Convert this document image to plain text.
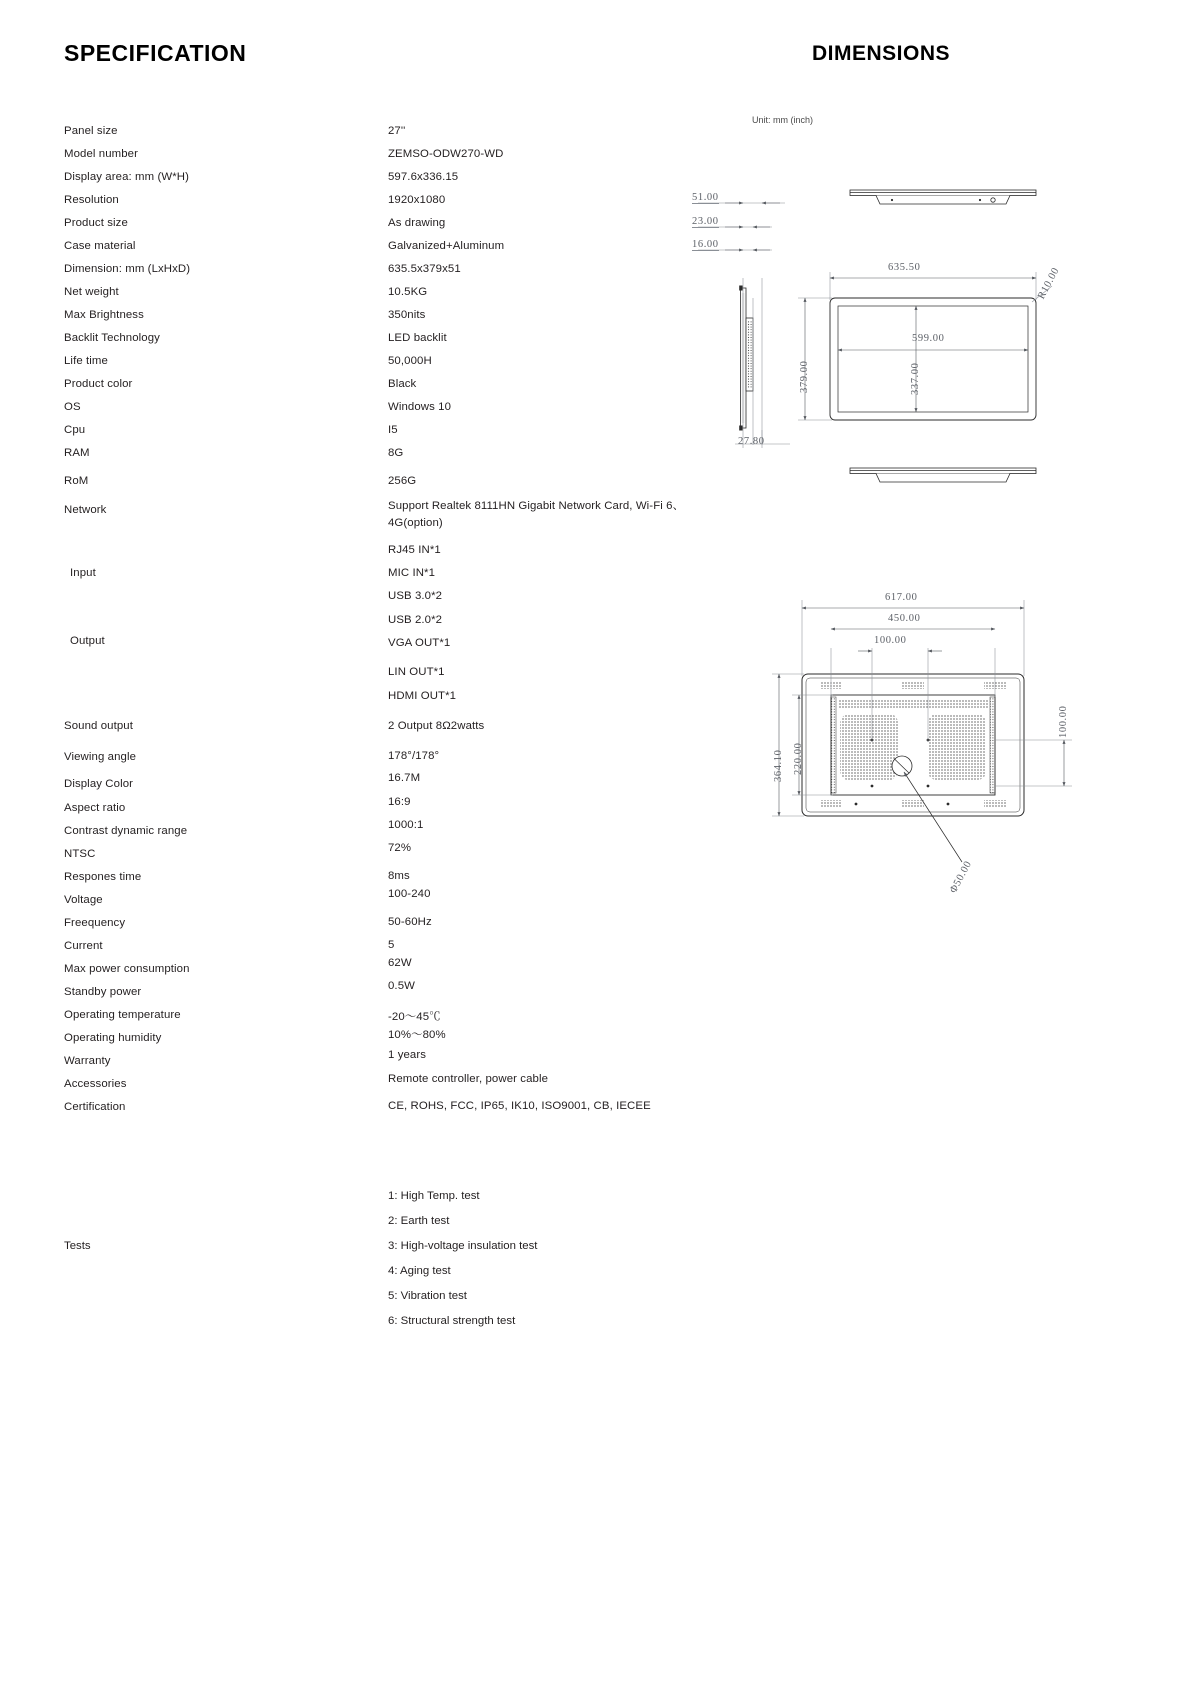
SPECIFICATION	DIMENSIONS
Unit: mm (inch)
Panel size	27''
Model number	ZEMSO-ODW270-WD
Display area: mm (W*H)	597.6x336.15
Resolution	1920x1080
Product size	As drawing
Case material	Galvanized+Aluminum
Dimension: mm (LxHxD)	635.5x379x51
Net weight	10.5KG
Max Brightness	350nits
Backlit Technology	LED backlit
Life time	50,000H
Product color	Black
OS	Windows 10
Cpu	I5
RAM	8G
RoM	256G
Network	Support Realtek 8111HN Gigabit Network Card, Wi-Fi 6、4G(option)
Input
RJ45 IN*1
MIC IN*1
USB 3.0*2
USB 2.0*2
Output	VGA OUT*1
LIN OUT*1
HDMI OUT*1
Sound output	2 Output 8Ω2watts
Viewing angle	178°/178°
Display Color	16.7M
Aspect ratio	16:9
Contrast dynamic range	1000:1
NTSC	72%
Respones time	8ms
Voltage	100-240
Freequency	50-60Hz
Current	5
Max power consumption	62W
Standby power	0.5W
Operating temperature	-20～45℃
Operating humidity	10%～80%
Warranty	1 years
Accessories	Remote controller, power cable
Certification	CE, ROHS, FCC, IP65, IK10, ISO9001, CB, IECEE
Tests
1: High Temp. test
2: Earth test
3: High-voltage insulation test
4: Aging test
5: Vibration test
6: Structural strength test
51.00
23.00
16.00
27.80
635.50
599.00
379.00	337.00
R10.00
617.00
450.00
100.00
364.10 220.00
100.00
Φ50.00
